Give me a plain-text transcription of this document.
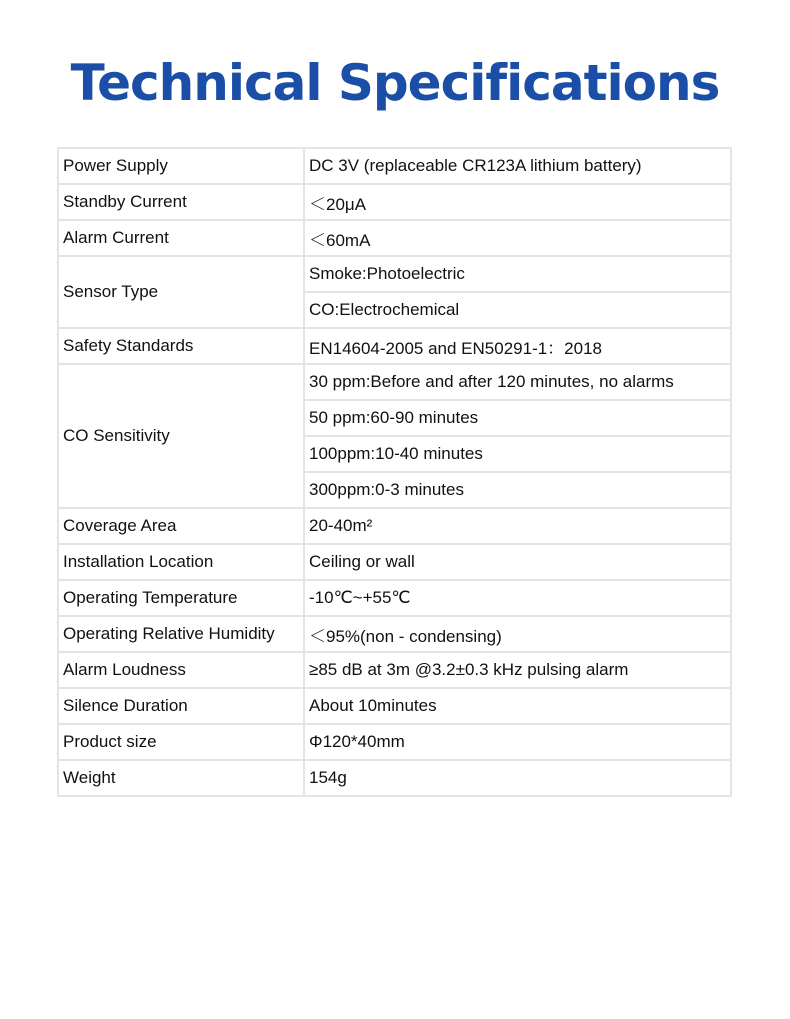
Technical Specifications
Power Supply	DC 3V (replaceable CR123A lithium battery)
Standby Current	＜20μA
Alarm Current	＜60mA
Sensor Type	Smoke:Photoelectric
	CO:Electrochemical
Safety Standards	EN14604-2005 and EN50291-1：2018
CO Sensitivity	30 ppm:Before and after 120 minutes, no alarms
	50 ppm:60-90 minutes
	100ppm:10-40 minutes
	300ppm:0-3 minutes
Coverage Area	20-40m²
Installation Location	Ceiling or wall
Operating Temperature	-10℃~+55℃
Operating Relative Humidity	＜95%(non - condensing)
Alarm Loudness	≥85 dB at 3m @3.2±0.3 kHz pulsing alarm
Silence Duration	About 10minutes
Product size	Φ120*40mm
Weight	154g
